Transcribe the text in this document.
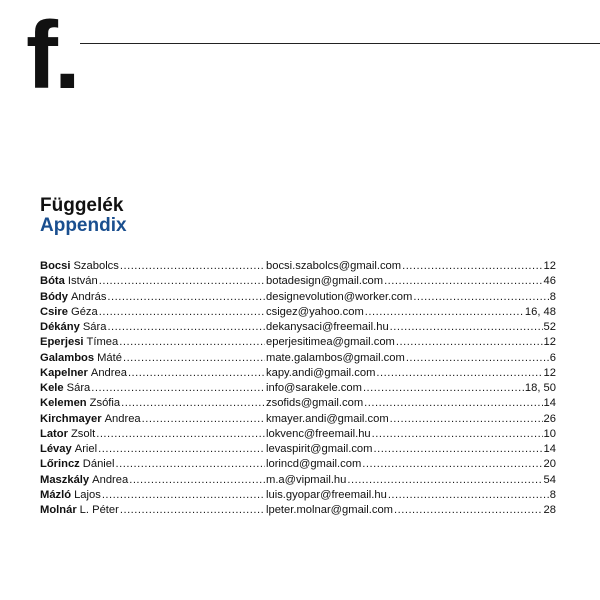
f.
Függelék
Appendix
Bocsi Szabolcs .....	bocsi.szabolcs@gmail.com .....	12
Bóta István .....	botadesign@gmail.com .....	46
Bódy András .....	designevolution@worker.com .....	8
Csire Géza .....	csigez@yahoo.com .....	16, 48
Dékány Sára .....	dekanysaci@freemail.hu .....	52
Eperjesi Tímea .....	eperjesitimea@gmail.com .....	12
Galambos Máté .....	mate.galambos@gmail.com .....	6
Kapelner Andrea .....	kapy.andi@gmail.com .....	12
Kele Sára .....	info@sarakele.com .....	18, 50
Kelemen Zsófia .....	zsofids@gmail.com .....	14
Kirchmayer Andrea .....	kmayer.andi@gmail.com .....	26
Lator Zsolt .....	lokvenc@freemail.hu .....	10
Lévay Ariel .....	levaspirit@gmail.com .....	14
Lőrincz Dániel .....	lorincd@gmail.com .....	20
Maszkály Andrea .....	m.a@vipmail.hu .....	54
Mázló Lajos .....	luis.gyopar@freemail.hu .....	8
Molnár L. Péter .....	lpeter.molnar@gmail.com .....	28
